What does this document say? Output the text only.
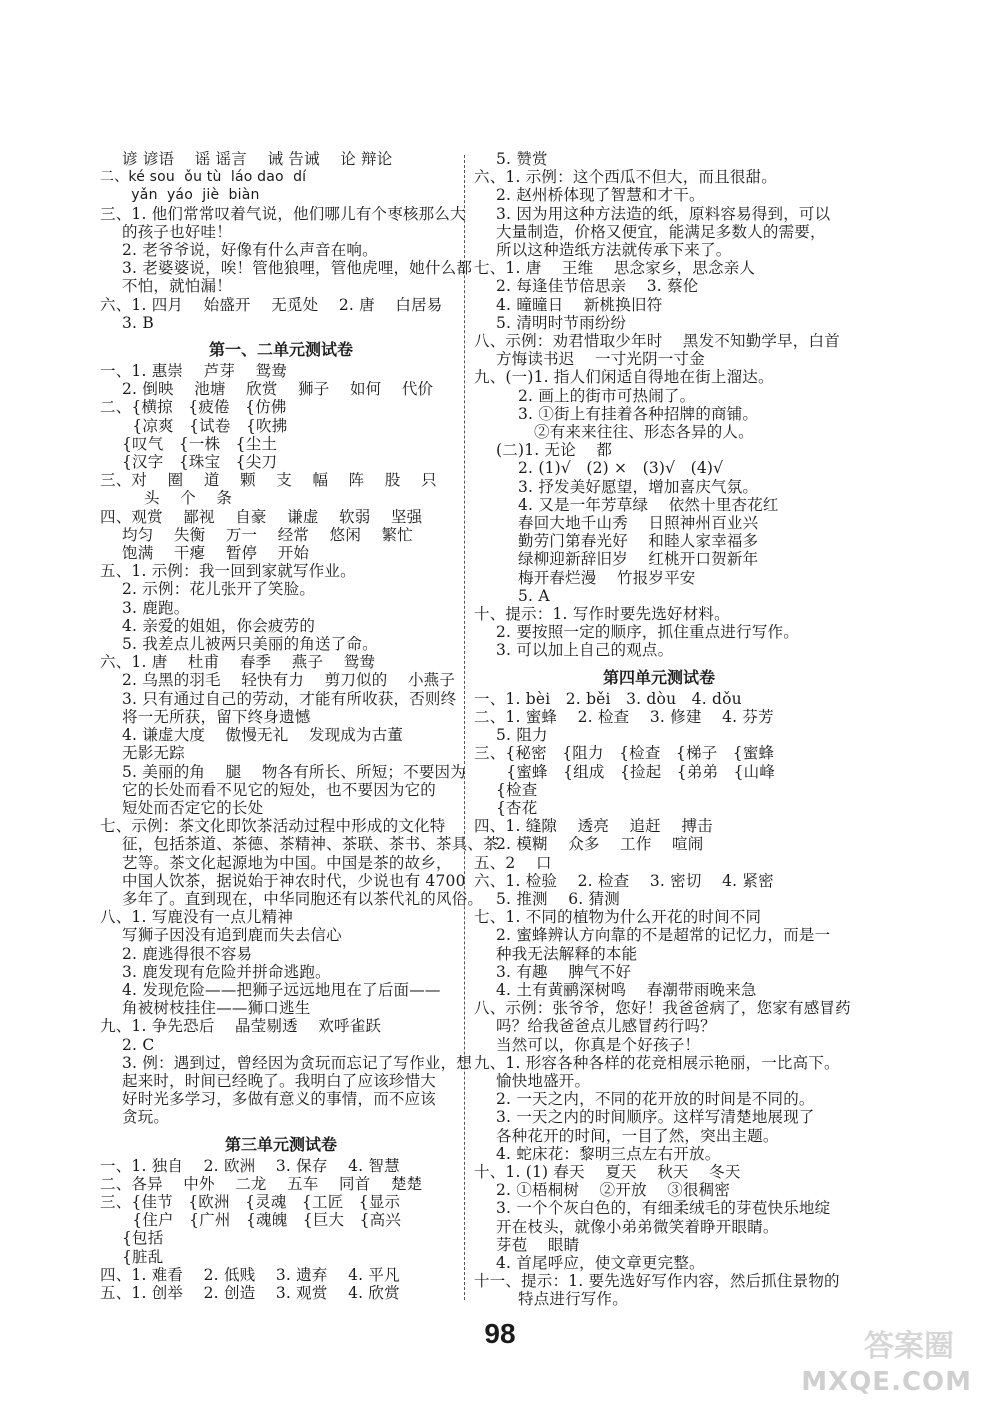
谚 谚语    谣 谣言    诫 告诫    论 辩论
二、ké sou  ǒu tù  láo dao  dí
yǎn  yáo  jiè  biàn
三、1. 他们常常叹着气说，他们哪儿有个枣核那么大
的孩子也好哇！
2. 老爷爷说，好像有什么声音在响。
3. 老婆婆说，唉！管他狼哩，管他虎哩，她什么都
不怕，就怕漏！
六、1. 四月    始盛开    无觅处    2. 唐    白居易
3. B
第一、二单元测试卷
一、1. 惠崇    芦芽    鸳鸯
2. 倒映    池塘    欣赏    狮子    如何    代价
二、{横掠   {疲倦   {仿佛
{凉爽   {试卷   {吹拂
{叹气   {一株   {尘土
{汉字   {珠宝   {尖刀
三、对    圈    道    颗    支    幅    阵    股    只
头    个    条
四、观赏    鄙视    自豪    谦虚    软弱    坚强
均匀    失衡    万一    经常    悠闲    繁忙
饱满    干瘪    暂停    开始
五、1. 示例：我一回到家就写作业。
2. 示例：花儿张开了笑脸。
3. 鹿跑。
4. 亲爱的姐姐，你会疲劳的
5. 我差点儿被两只美丽的角送了命。
六、1. 唐    杜甫    春季    燕子    鸳鸯
2. 乌黑的羽毛    轻快有力    剪刀似的    小燕子
3. 只有通过自己的劳动，才能有所收获，否则终
将一无所获，留下终身遗憾
4. 谦虚大度    傲慢无礼    发现成为古董
无影无踪
5. 美丽的角    腿    物各有所长、所短；不要因为
它的长处而看不见它的短处，也不要因为它的
短处而否定它的长处
七、示例：茶文化即饮茶活动过程中形成的文化特
征，包括茶道、茶德、茶精神、茶联、茶书、茶具、茶
艺等。茶文化起源地为中国。中国是茶的故乡，
中国人饮茶，据说始于神农时代，少说也有 4700
多年了。直到现在，中华同胞还有以茶代礼的风俗。
八、1. 写鹿没有一点儿精神
写狮子因没有追到鹿而失去信心
2. 鹿逃得很不容易
3. 鹿发现有危险并拼命逃跑。
4. 发现危险——把狮子远远地甩在了后面——
角被树枝挂住——狮口逃生
九、1. 争先恐后    晶莹剔透    欢呼雀跃
2. C
3. 例：遇到过，曾经因为贪玩而忘记了写作业，想
起来时，时间已经晚了。我明白了应该珍惜大
好时光多学习，多做有意义的事情，而不应该
贪玩。
第三单元测试卷
一、1. 独自    2. 欧洲    3. 保存    4. 智慧
二、各异    中外    二龙    五车    同首    楚楚
三、{佳节   {欧洲   {灵魂   {工匠   {显示
{住户   {广州   {魂魄   {巨大   {高兴
{包括
{脏乱
四、1. 难看    2. 低贱    3. 遗弃    4. 平凡
五、1. 创举    2. 创造    3. 观赏    4. 欣赏
5. 赞赏
六、1. 示例：这个西瓜不但大，而且很甜。
2. 赵州桥体现了智慧和才干。
3. 因为用这种方法造的纸，原料容易得到，可以
大量制造，价格又便宜，能满足多数人的需要，
所以这种造纸方法就传承下来了。
七、1. 唐    王维    思念家乡，思念亲人
2. 每逢佳节倍思亲    3. 蔡伦
4. 曈曈日    新桃换旧符
5. 清明时节雨纷纷
八、示例：劝君惜取少年时    黑发不知勤学早，白首
方悔读书迟    一寸光阴一寸金
九、(一)1. 指人们闲适自得地在街上溜达。
2. 画上的街市可热闹了。
3. ①街上有挂着各种招牌的商铺。
②有来来往往、形态各异的人。
(二)1. 无论    都
2. (1)√   (2) ×   (3)√   (4)√
3. 抒发美好愿望，增加喜庆气氛。
4. 又是一年芳草绿    依然十里杏花红
春回大地千山秀    日照神州百业兴
勤劳门第春光好    和睦人家幸福多
绿柳迎新辞旧岁    红桃开口贺新年
梅开春烂漫    竹报岁平安
5. A
十、提示：1. 写作时要先选好材料。
2. 要按照一定的顺序，抓住重点进行写作。
3. 可以加上自己的观点。
第四单元测试卷
一、1. bèi   2. běi   3. dòu   4. dǒu
二、1. 蜜蜂    2. 检查    3. 修建    4. 芬芳
5. 阻力
三、{秘密   {阻力   {检查   {梯子   {蜜蜂
{蜜蜂   {组成   {捡起   {弟弟   {山峰
{检查
{杏花
四、1. 缝隙    透亮    追赶    搏击
2. 模糊    众多    工作    喧闹
五、2    口
六、1. 检验    2. 检查    3. 密切    4. 紧密
5. 推测    6. 猜测
七、1. 不同的植物为什么开花的时间不同
2. 蜜蜂辨认方向靠的不是超常的记忆力，而是一
种我无法解释的本能
3. 有趣    脾气不好
4. 土有黄鹂深树鸣    春潮带雨晚来急
八、示例：张爷爷，您好！我爸爸病了，您家有感冒药
吗？给我爸爸点儿感冒药行吗？
当然可以，你真是个好孩子！
九、1. 形容各种各样的花竞相展示艳丽，一比高下。
愉快地盛开。
2. 一天之内，不同的花开放的时间是不同的。
3. 一天之内的时间顺序。这样写清楚地展现了
各种花开的时间，一目了然，突出主题。
4. 蛇床花：黎明三点左右开放。
十、1. (1) 春天    夏天    秋天    冬天
2. ①梧桐树    ②开放    ③很稠密
3. 一个个灰白色的，有细柔绒毛的芽苞快乐地绽
开在枝头，就像小弟弟微笑着睁开眼睛。
芽苞    眼睛
4. 首尾呼应，使文章更完整。
十一、提示：1. 要先选好写作内容，然后抓住景物的
特点进行写作。
98	答案圈
MXQE.COM
